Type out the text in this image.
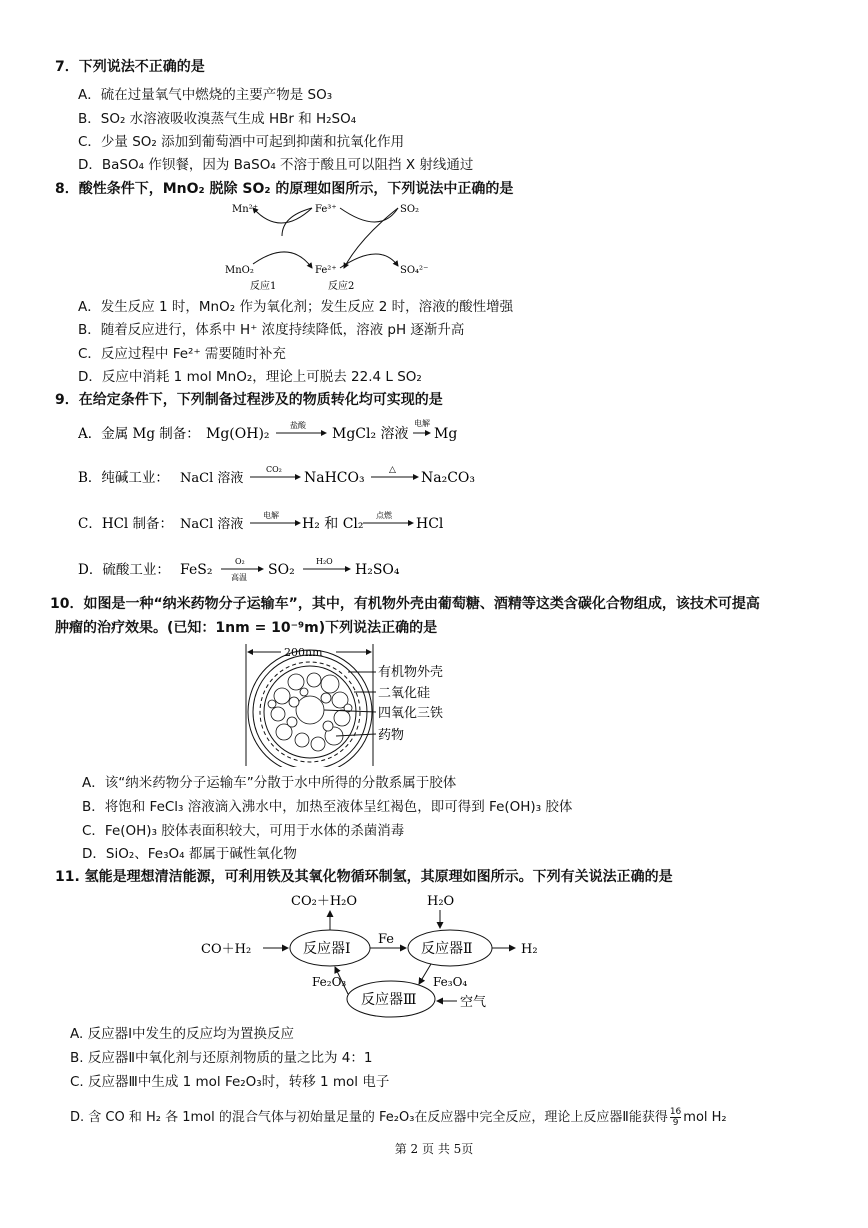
7．下列说法不正确的是
A．硫在过量氧气中燃烧的主要产物是 SO₃
B．SO₂ 水溶液吸收溴蒸气生成 HBr 和 H₂SO₄
C．少量 SO₂ 添加到葡萄酒中可起到抑菌和抗氧化作用
D．BaSO₄ 作钡餐，因为 BaSO₄ 不溶于酸且可以阻挡 X 射线通过
8．酸性条件下，MnO₂ 脱除 SO₂ 的原理如图所示，下列说法中正确的是
Mn²⁺	Fe³⁺	SO₂
MnO₂	Fe²⁺	SO₄²⁻
反应1	反应2
A．发生反应 1 时，MnO₂ 作为氧化剂；发生反应 2 时，溶液的酸性增强
B．随着反应进行，体系中 H⁺ 浓度持续降低，溶液 pH 逐渐升高
C．反应过程中 Fe²⁺ 需要随时补充
D．反应中消耗 1 mol MnO₂，理论上可脱去 22.4 L SO₂
9．在给定条件下，下列制备过程涉及的物质转化均可实现的是
A．金属 Mg 制备： Mg(OH)₂
盐酸
MgCl₂ 溶液
电解
Mg
B．纯碱工业： NaCl 溶液
CO₂
NaHCO₃	△ Na₂CO₃
C．HCl 制备： NaCl 溶液
电解
H₂ 和 Cl₂
点燃
HCl
D．硫酸工业： FeS₂
O₂
高温 SO₂
H₂O
H₂SO₄
10．如图是一种“纳米药物分子运输车”，其中，有机物外壳由葡萄糖、酒精等这类含碳化合物组成，该技术可提高
肿瘤的治疗效果。(已知：1nm = 10⁻⁹m)下列说法正确的是
200nm
有机物外壳
二氧化硅
四氧化三铁
药物
A．该“纳米药物分子运输车”分散于水中所得的分散系属于胶体
B．将饱和 FeCl₃ 溶液滴入沸水中，加热至液体呈红褐色，即可得到 Fe(OH)₃ 胶体
C．Fe(OH)₃ 胶体表面积较大，可用于水体的杀菌消毒
D．SiO₂、Fe₃O₄ 都属于碱性氧化物
11. 氢能是理想清洁能源，可利用铁及其氧化物循环制氢，其原理如图所示。下列有关说法正确的是
CO₂＋H₂O	H₂O
CO＋H₂	反应器Ⅰ	反应器Ⅱ
反应器Ⅲ
Fe
H₂
Fe₃O₄
Fe₂O₃
空气
A. 反应器Ⅰ中发生的反应均为置换反应
B. 反应器Ⅱ中氧化剂与还原剂物质的量之比为 4：1
C. 反应器Ⅲ中生成 1 mol Fe₂O₃时，转移 1 mol 电子
D. 含 CO 和 H₂ 各 1mol 的混合气体与初始量足量的 Fe₂O₃在反应器中完全反应，理论上反应器Ⅱ能获得 $\frac{16}{9}$ mol H₂
第 2 页 共 5页
